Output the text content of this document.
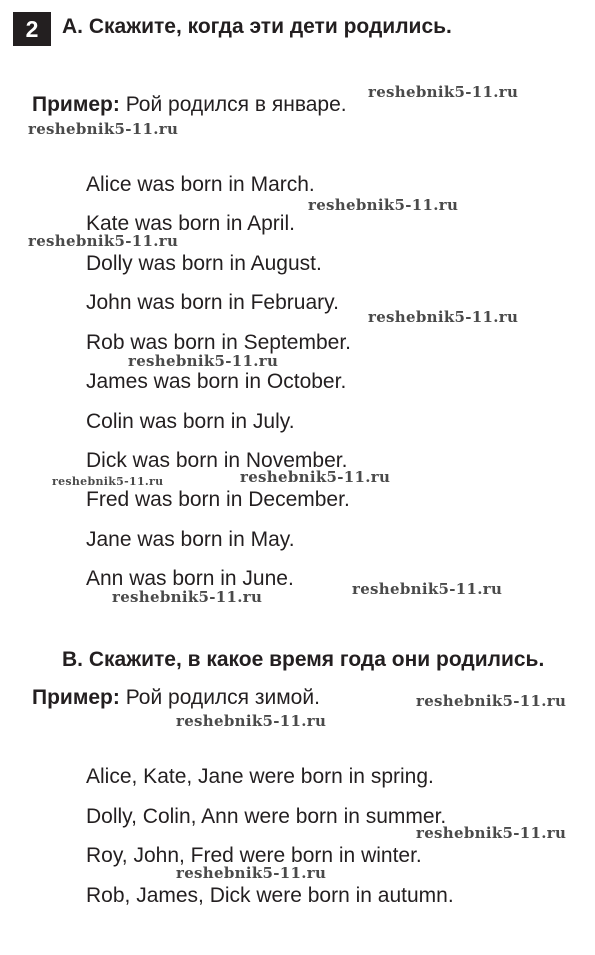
2	A. Скажите, когда эти дети родились.
Пример: Рой родился в январе.
Alice was born in March.
Kate was born in April.
Dolly was born in August.
John was born in February.
Rob was born in September.
James was born in October.
Colin was born in July.
Dick was born in November.
Fred was born in December.
Jane was born in May.
Ann was born in June.
B. Скажите, в какое время года они родились.
Пример: Рой родился зимой.
Alice, Kate, Jane were born in spring.
Dolly, Colin, Ann were born in summer.
Roy, John, Fred were born in winter.
Rob, James, Dick were born in autumn.
reshebnik5-11.ru
reshebnik5-11.ru
reshebnik5-11.ru
reshebnik5-11.ru
reshebnik5-11.ru
reshebnik5-11.ru
reshebnik5-11.ru	reshebnik5-11.ru
reshebnik5-11.ru	reshebnik5-11.ru
reshebnik5-11.ru
reshebnik5-11.ru
reshebnik5-11.ru
reshebnik5-11.ru
